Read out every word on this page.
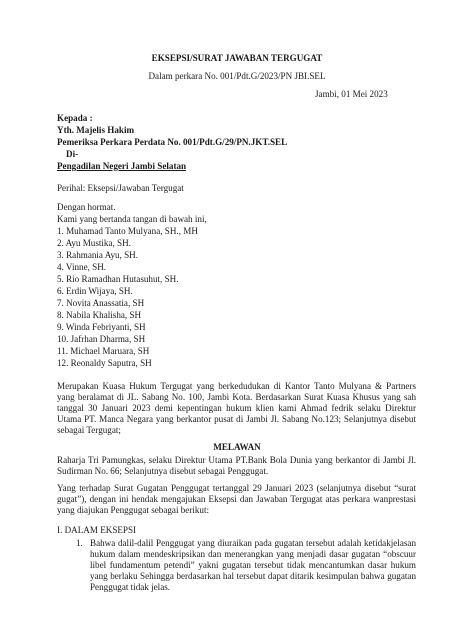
EKSEPSI/SURAT JAWABAN TERGUGAT
Dalam perkara No. 001/Pdt.G/2023/PN JBI.SEL
Jambi, 01 Mei 2023
Kepada :
Yth. Majelis Hakim
Pemeriksa Perkara Perdata No. 001/Pdt.G/29/PN.JKT.SEL
Di-
Pengadilan Negeri Jambi Selatan
Perihal: Eksepsi/Jawaban Tergugat
Dengan hormat.
Kami yang bertanda tangan di bawah ini,
1. Muhamad Tanto Mulyana, SH., MH
2. Ayu Mustika, SH.
3. Rahmania Ayu, SH.
4. Vinne, SH.
5. Rio Ramadhan Hutasuhut, SH.
6. Erdin Wijaya, SH.
7. Novita Anassatia, SH
8. Nabila Khalisha, SH
9. Winda Febriyanti, SH
10. Jafrhan Dharma, SH
11. Michael Maruara, SH
12. Reonaldy Saputra, SH
Merupakan Kuasa Hukum Tergugat yang berkedudukan di Kantor Tanto Mulyana & Partners yang beralamat di JL. Sabang No. 100, Jambi Kota. Berdasarkan Surat Kuasa Khusus yang sah tanggal 30 Januari 2023 demi kepentingan hukum klien kami Ahmad fedrik selaku Direktur Utama PT. Manca Negara yang berkantor pusat di Jambi Jl. Sabang No.123; Selanjutnya disebut sebagai Tergugat;
MELAWAN
Raharja Tri Pamungkas, selaku Direktur Utama PT.Bank Bola Dunia yang berkantor di Jambi Jl. Sudirman No. 66; Selanjutnya disebut sebagai Penggugat.
Yang terhadap Surat Gugatan Penggugat tertanggal 29 Januari 2023 (selanjutnya disebut “surat gugat”), dengan ini hendak mengajukan Eksepsi dan Jawaban Tergugat atas perkara wanprestasi yang diajukan Penggugat sebagai berikut:
I. DALAM EKSEPSI
1. Bahwa dalil-dalil Penggugat yang diuraikan pada gugatan tersebut adalah ketidakjelasan hukum dalam mendeskripsikan dan menerangkan yang menjadi dasar gugatan “obscuur libel fundamentum petendi” yakni gugatan tersebut tidak mencantumkan dasar hukum yang berlaku Sehingga berdasarkan hal tersebut dapat ditarik kesimpulan bahwa gugatan Penggugat tidak jelas.
